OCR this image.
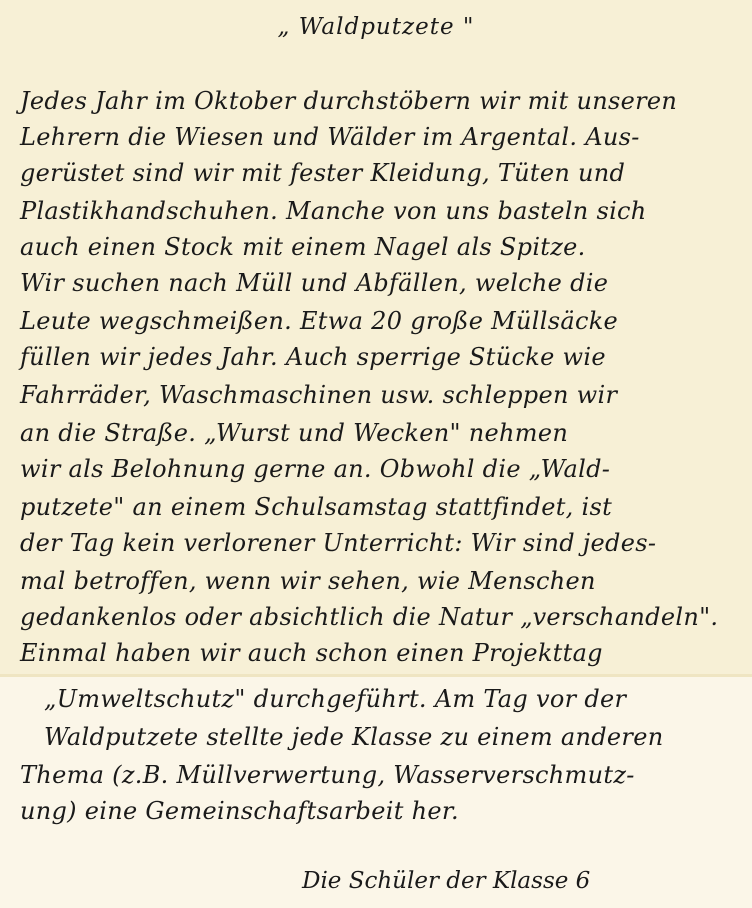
„ Waldputzete "
Jedes Jahr im Oktober durchstöbern wir mit unseren
Lehrern die Wiesen und Wälder im Argental. Aus-
gerüstet sind wir mit fester Kleidung, Tüten und
Plastikhandschuhen. Manche von uns basteln sich
auch einen Stock mit einem Nagel als Spitze.
Wir suchen nach Müll und Abfällen, welche die
Leute wegschmeißen. Etwa 20 große Müllsäcke
füllen wir jedes Jahr. Auch sperrige Stücke wie
Fahrräder, Waschmaschinen usw. schleppen wir
an die Straße. „Wurst und Wecken" nehmen
wir als Belohnung gerne an. Obwohl die „Wald-
putzete" an einem Schulsamstag stattfindet, ist
der Tag kein verlorener Unterricht: Wir sind jedes-
mal betroffen, wenn wir sehen, wie Menschen
gedankenlos oder absichtlich die Natur „verschandeln".
Einmal haben wir auch schon einen Projekttag
„Umweltschutz" durchgeführt. Am Tag vor der
Waldputzete stellte jede Klasse zu einem anderen
Thema (z.B. Müllverwertung, Wasserverschmutz-
ung) eine Gemeinschaftsarbeit her.
Die Schüler der Klasse 6
